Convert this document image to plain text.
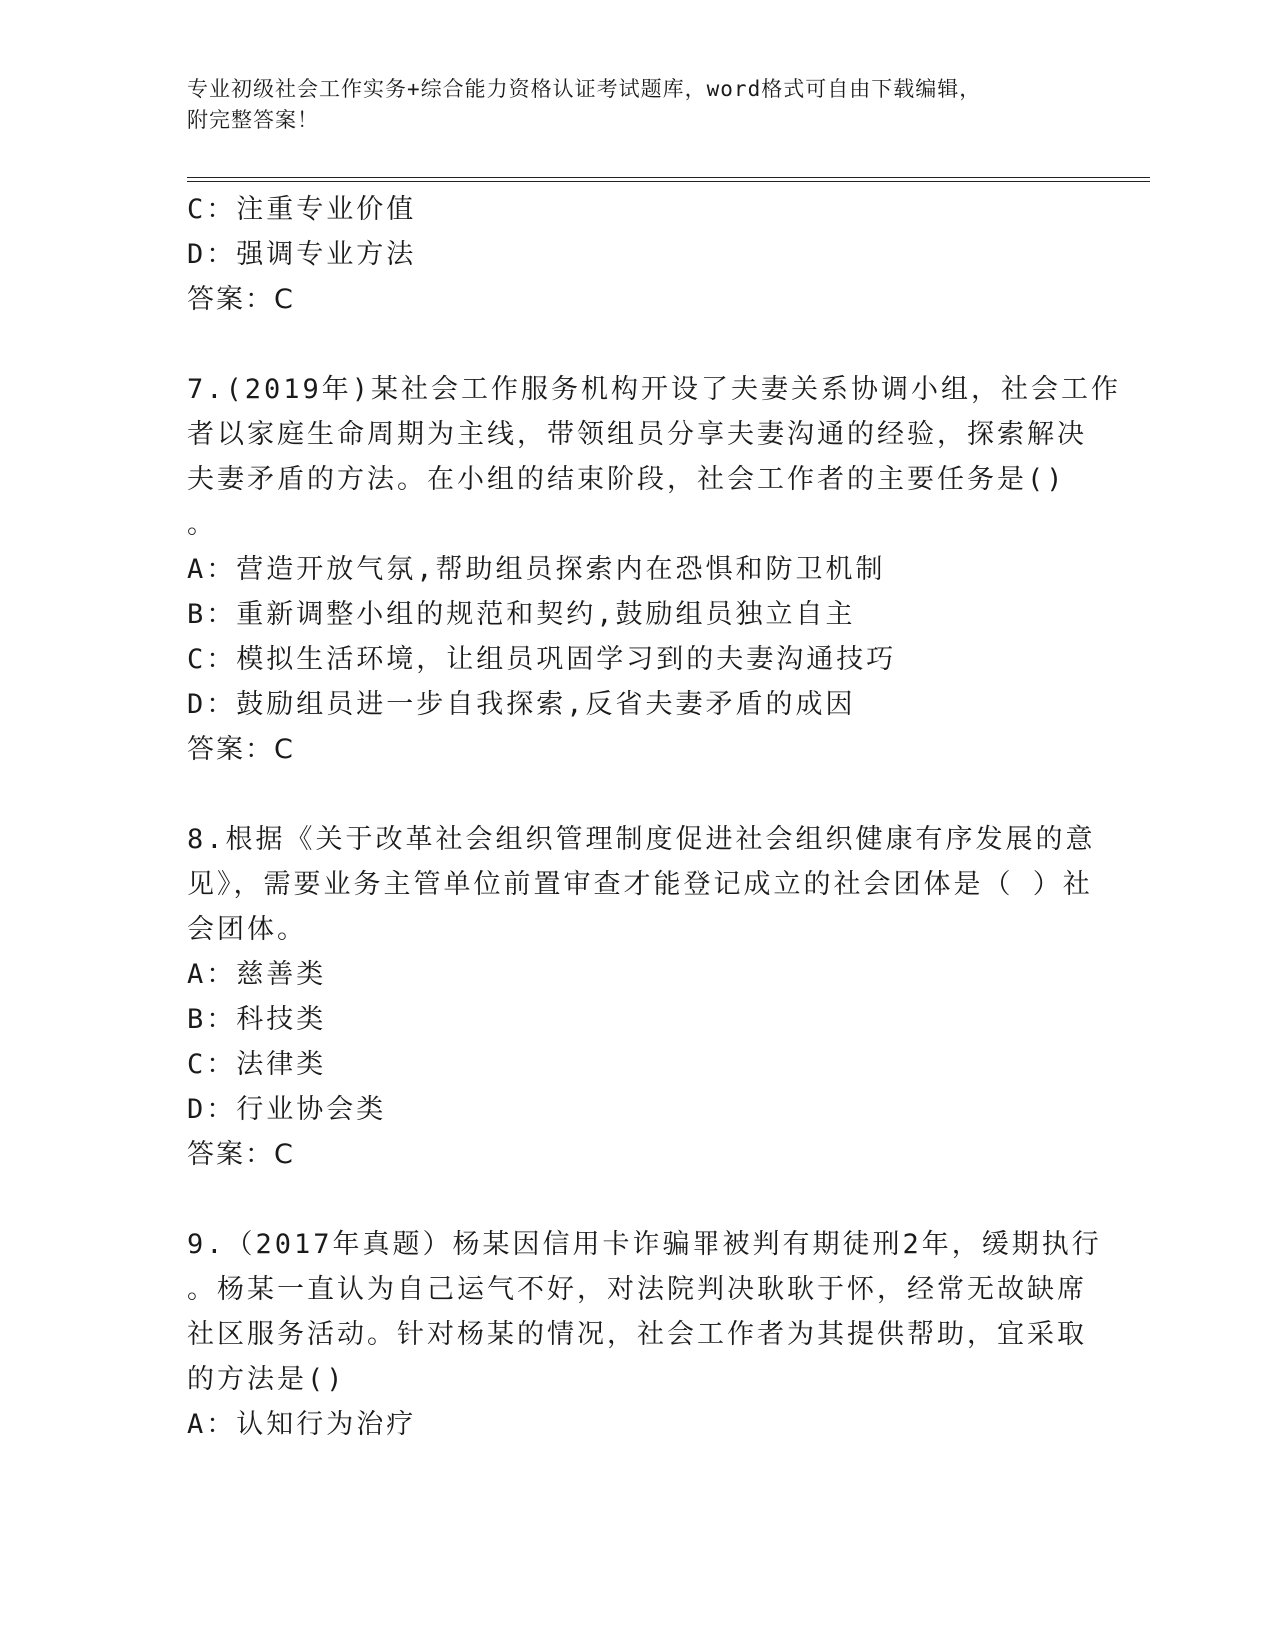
专业初级社会工作实务+综合能力资格认证考试题库，word格式可自由下载编辑，
附完整答案！
C：注重专业价值
D：强调专业方法
答案：C
7.(2019年)某社会工作服务机构开设了夫妻关系协调小组，社会工作
者以家庭生命周期为主线，带领组员分享夫妻沟通的经验，探索解决
夫妻矛盾的方法。在小组的结束阶段，社会工作者的主要任务是()
。
A：营造开放气氛,帮助组员探索内在恐惧和防卫机制
B：重新调整小组的规范和契约,鼓励组员独立自主
C：模拟生活环境，让组员巩固学习到的夫妻沟通技巧
D：鼓励组员进一步自我探索,反省夫妻矛盾的成因
答案：C
8.根据《关于改革社会组织管理制度促进社会组织健康有序发展的意
见》，需要业务主管单位前置审查才能登记成立的社会团体是（ ）社
会团体。
A：慈善类
B：科技类
C：法律类
D：行业协会类
答案：C
9.（2017年真题）杨某因信用卡诈骗罪被判有期徒刑2年，缓期执行
。杨某一直认为自己运气不好，对法院判决耿耿于怀，经常无故缺席
社区服务活动。针对杨某的情况，社会工作者为其提供帮助，宜采取
的方法是()
A：认知行为治疗
